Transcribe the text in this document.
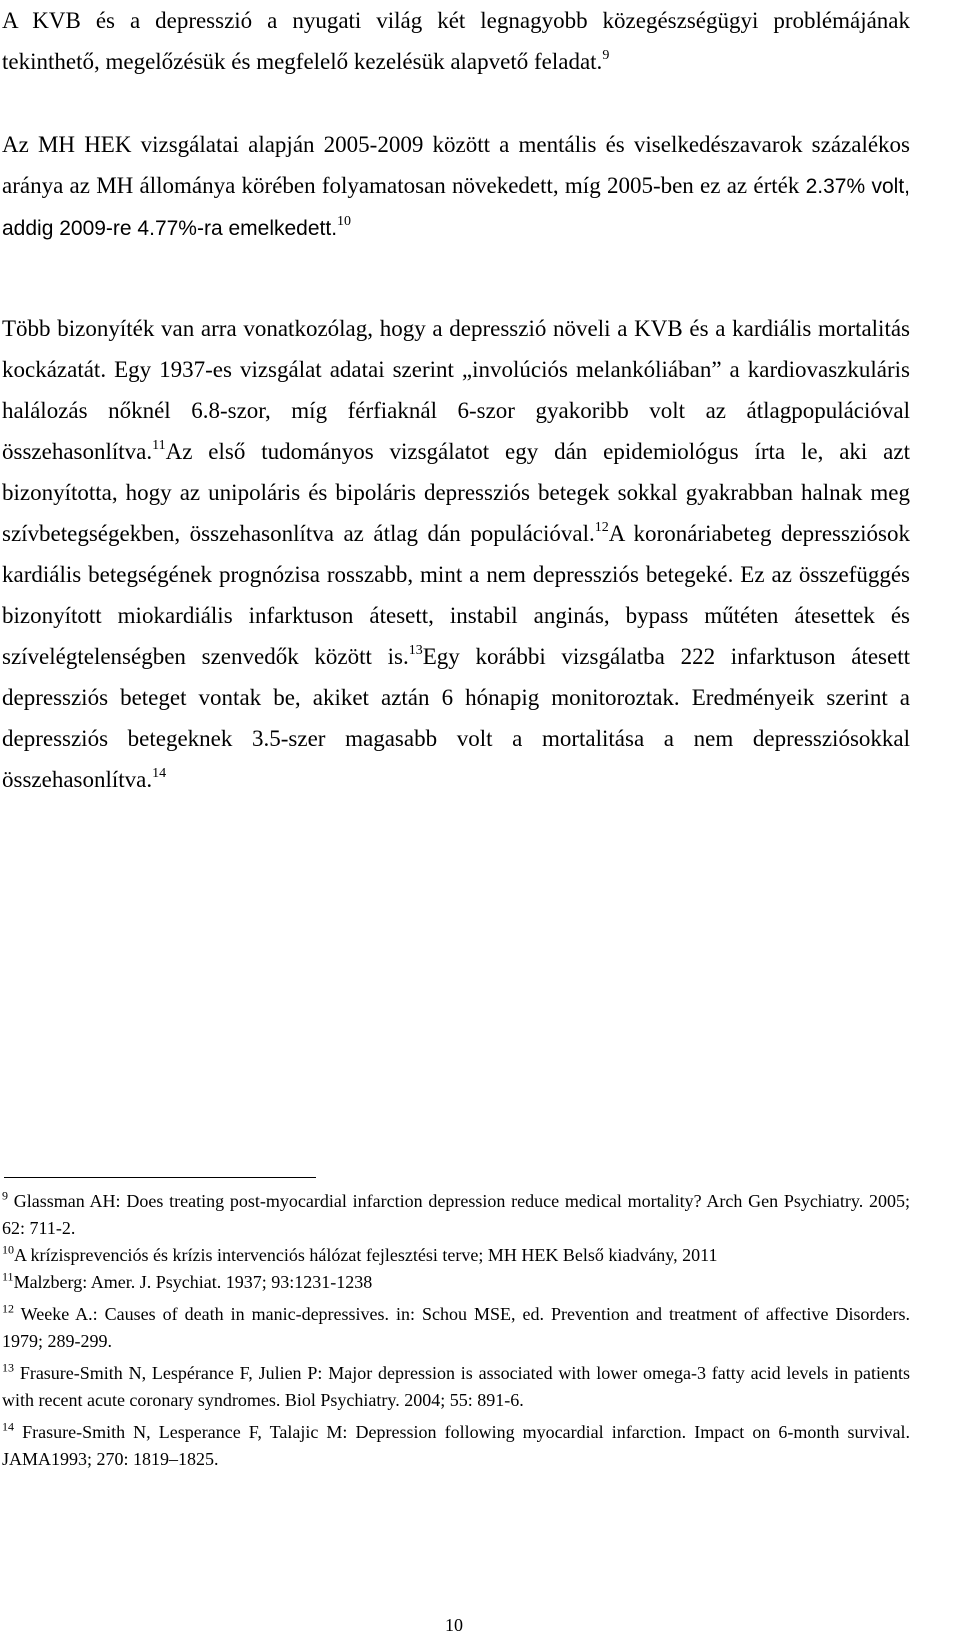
A KVB és a depresszió a nyugati világ két legnagyobb közegészségügyi problémájának tekinthető, megelőzésük és megfelelő kezelésük alapvető feladat.$^9$

Az MH HEK vizsgálatai alapján 2005-2009 között a mentális és viselkedészavarok százalékos aránya az MH állományа körében folyamatosan növekedett, míg 2005-ben ez az érték 2.37% volt, addig 2009-re 4.77%-ra emelkedett.$^{10}$

Több bizonyíték van arra vonatkozólag, hogy a depresszió növeli a KVB és a kardiális mortalitás kockázatát. Egy 1937-es vizsgálat adatai szerint „involúciós melankóliában” a kardiovaszkuláris halálozás nőknél 6.8-szor, míg férfiaknál 6-szor gyakoribb volt az átlagpopulációval összehasonlítva.$^{11}$Az első tudományos vizsgálatot egy dán epidemiológus írta le, aki azt bizonyította, hogy az unipoláris és bipoláris depressziós betegek sokkal gyakrabban halnak meg szívbetegségekben, összehasonlítva az átlag dán populációval.$^{12}$A koronáriabeteg depressziósok kardiális betegségének prognózisa rosszabb, mint a nem depressziós betegeké. Ez az összefüggés bizonyított miokardiális infarktuson átesett, instabil anginás, bypass műtéten átesettek és szívelégtelenségben szenvedők között is.$^{13}$Egy korábbi vizsgálatba 222 infarktuson átesett depressziós beteget vontak be, akiket aztán 6 hónapig monitoroztak. Eredményeik szerint a depressziós betegeknek 3.5-szer magasabb volt a mortalitása a nem depressziósokkal összehasonlítva.$^{14}$

$^9$ Glassman AH: Does treating post-myocardial infarction depression reduce medical mortality? Arch Gen Psychiatry. 2005; 62: 711-2.

$^{10}$A krízisprevenciós és krízis intervenciós hálózat fejlesztési terve; MH HEK Belső kiadvány, 2011

$^{11}$Malzberg: Amer. J. Psychiat. 1937; 93:1231-1238

$^{12}$ Weeke A.: Causes of death in manic-depressives. in: Schou MSE, ed. Prevention and treatment of affective Disorders. 1979; 289-299.

$^{13}$ Frasure-Smith N, Lespérance F, Julien P: Major depression is associated with lower omega-3 fatty acid levels in patients with recent acute coronary syndromes. Biol Psychiatry. 2004; 55: 891-6.

$^{14}$ Frasure-Smith N, Lesperance F, Talajic M: Depression following myocardial infarction. Impact on 6-month survival. JAMA1993; 270: 1819–1825.

10
